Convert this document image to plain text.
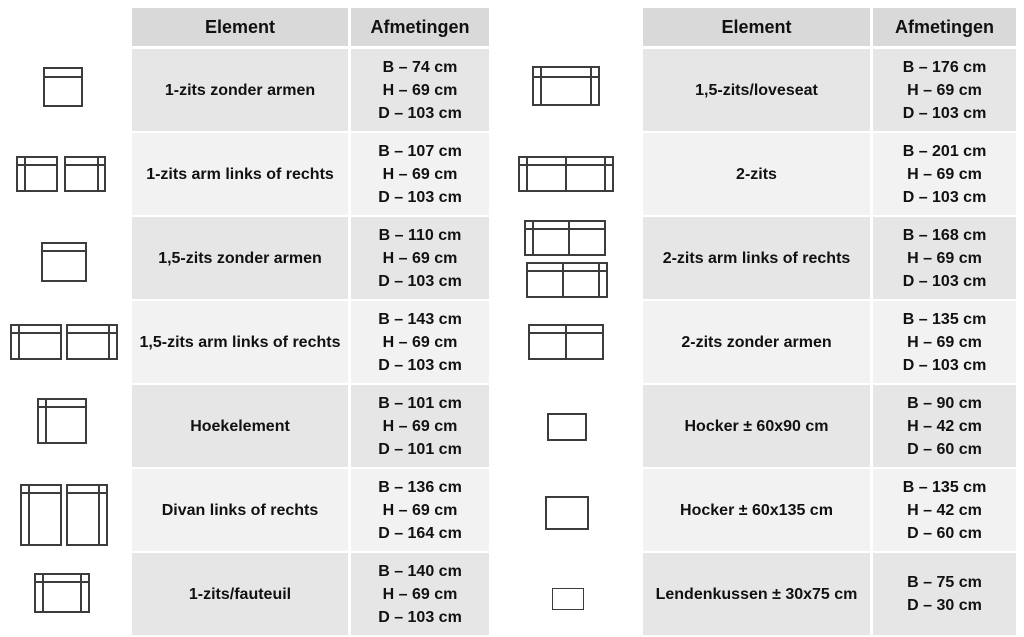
Element	Afmetingen
1-zits zonder armen
B – 74 cm
H – 69 cm
D – 103 cm
1-zits arm links of rechts
B – 107 cm
H – 69 cm
D – 103 cm
1,5-zits zonder armen
B – 110 cm
H – 69 cm
D – 103 cm
1,5-zits arm links of rechts
B – 143 cm
H – 69 cm
D – 103 cm
Hoekelement
B – 101 cm
H – 69 cm
D – 101 cm
Divan links of rechts
B – 136 cm
H – 69 cm
D – 164 cm
1-zits/fauteuil
B – 140 cm
H – 69 cm
D – 103 cm
Element	Afmetingen
1,5-zits/loveseat
B – 176 cm
H – 69 cm
D – 103 cm
2-zits
B – 201 cm
H – 69 cm
D – 103 cm
2-zits arm links of rechts
B – 168 cm
H – 69 cm
D – 103 cm
2-zits zonder armen
B – 135 cm
H – 69 cm
D – 103 cm
Hocker ± 60x90 cm
B – 90 cm
H – 42 cm
D – 60 cm
Hocker ± 60x135 cm
B – 135 cm
H – 42 cm
D – 60 cm
Lendenkussen ± 30x75 cm
B – 75 cm
D – 30 cm
